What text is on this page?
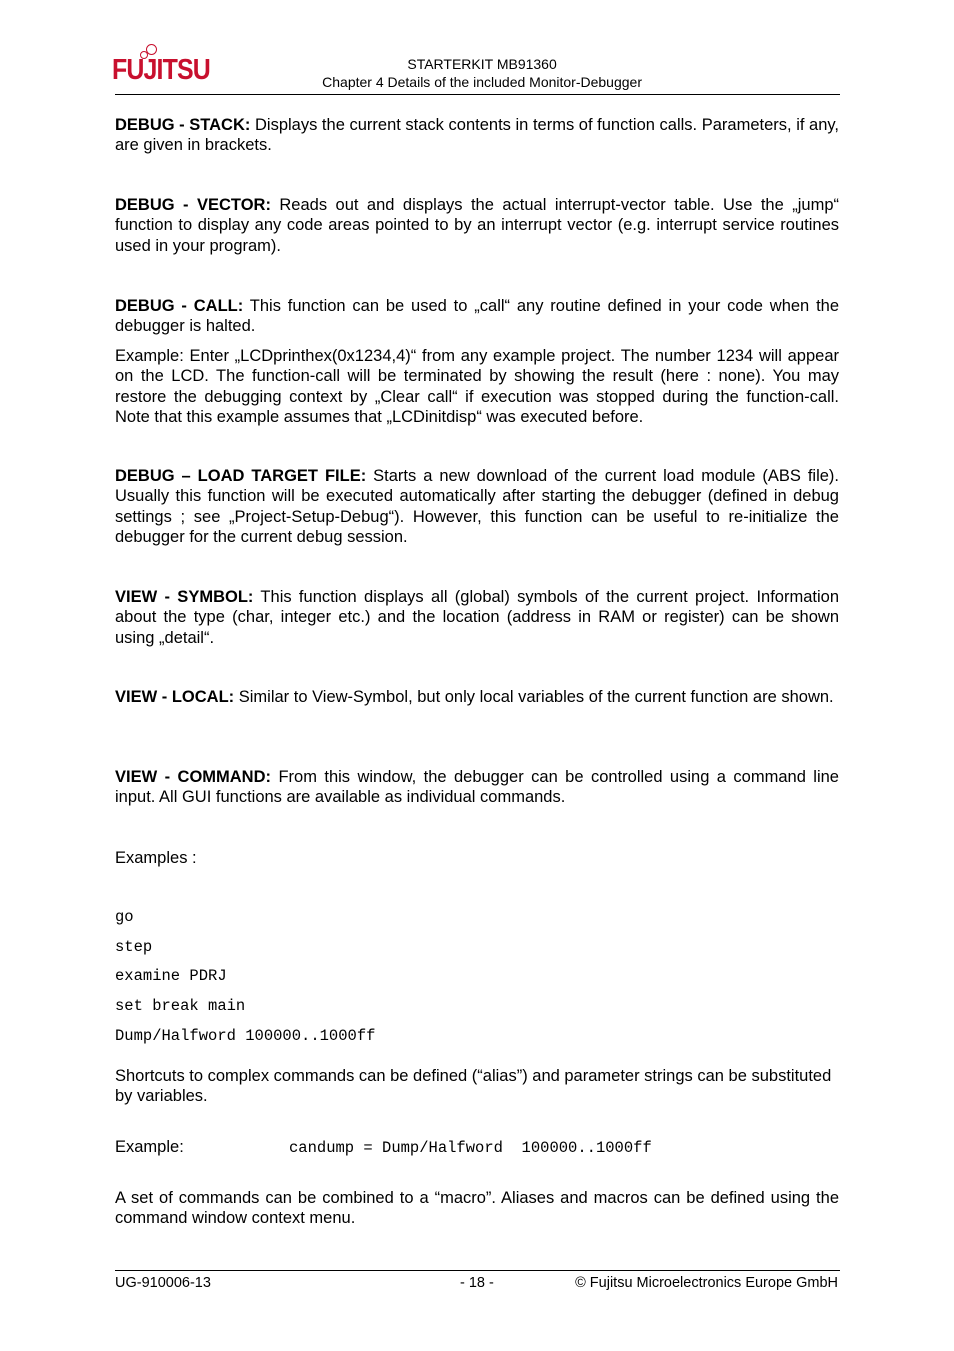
FUJITSU	STARTERKIT MB91360
Chapter 4 Details of the included Monitor-Debugger

DEBUG - STACK: Displays the current stack contents in terms of function calls. Parameters, if any, are given in brackets.

DEBUG - VECTOR: Reads out and displays the actual interrupt-vector table. Use the „jump“ function to display any code areas pointed to by an interrupt vector (e.g. interrupt service routines used in your program).

DEBUG - CALL: This function can be used to „call“ any routine defined in your code when the debugger is halted.

Example: Enter „LCDprinthex(0x1234,4)“ from any example project. The number 1234 will appear on the LCD. The function-call will be terminated by showing the result (here : none). You may restore the debugging context by „Clear call“ if execution was stopped during the function-call. Note that this example assumes that „LCDinitdisp“ was executed before.

DEBUG – LOAD TARGET FILE: Starts a new download of the current load module (ABS file). Usually this function will be executed automatically after starting the debugger (defined in debug settings ; see „Project-Setup-Debug“). However, this function can be useful to re-initialize the debugger for the current debug session.

VIEW - SYMBOL: This function displays all (global) symbols of the current project. Information about the type (char, integer etc.) and the location (address in RAM or register) can be shown using „detail“.

VIEW - LOCAL: Similar to View-Symbol, but only local variables of the current function are shown.

VIEW - COMMAND: From this window, the debugger can be controlled using a command line input. All GUI functions are available as individual commands.

Examples :

go
step
examine PDRJ
set break main
Dump/Halfword 100000..1000ff

Shortcuts to complex commands can be defined (“alias”) and parameter strings can be substituted by variables.

Example:	candump = Dump/Halfword  100000..1000ff

A set of commands can be combined to a “macro”. Aliases and macros can be defined using the command window context menu.

UG-910006-13	- 18 -	© Fujitsu Microelectronics Europe GmbH
